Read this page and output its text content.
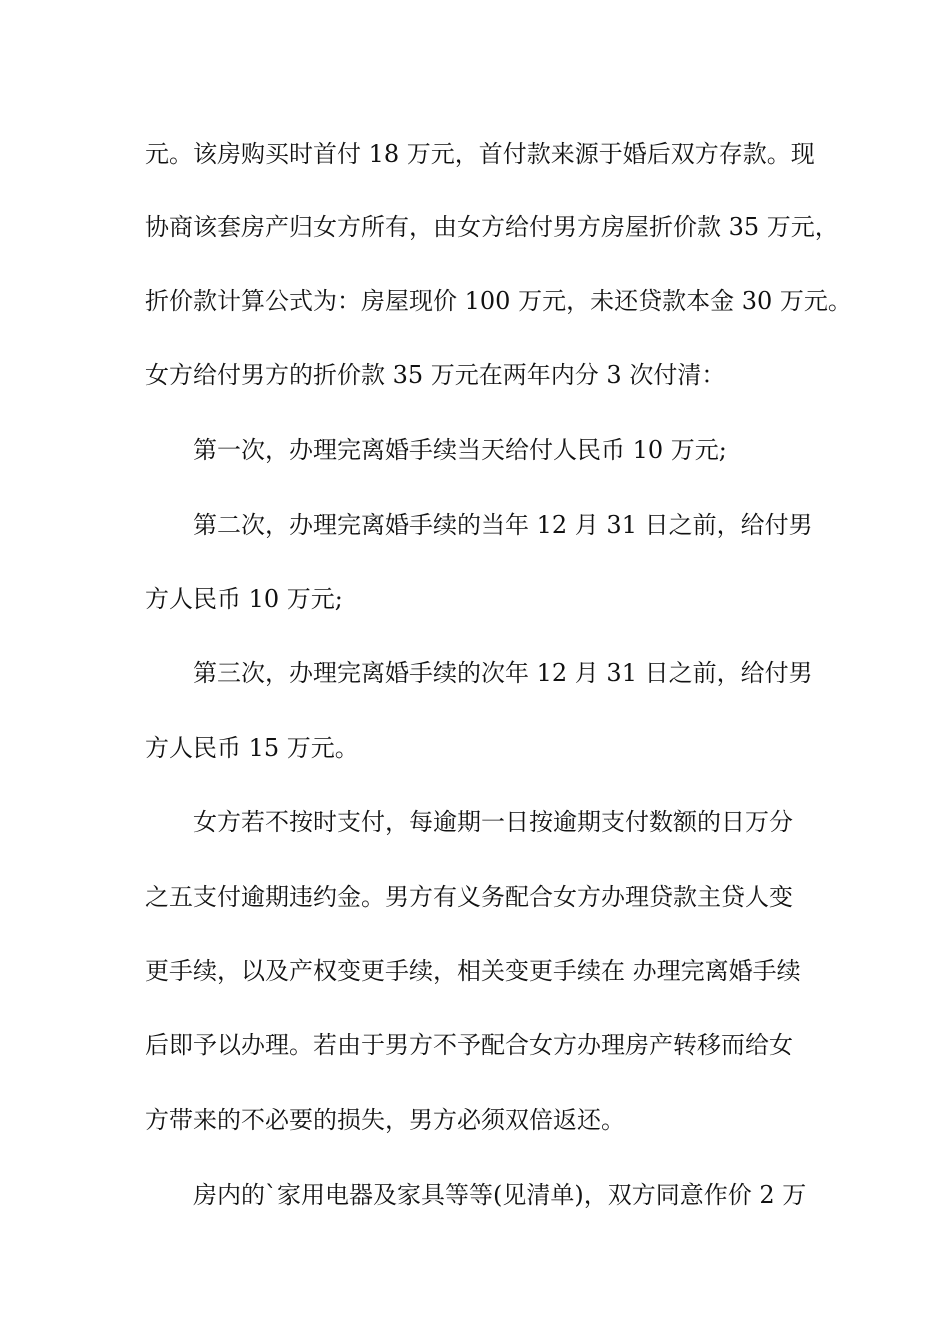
元。该房购买时首付 18 万元，首付款来源于婚后双方存款。现
协商该套房产归女方所有，由女方给付男方房屋折价款 35 万元，
折价款计算公式为：房屋现价 100 万元，未还贷款本金 30 万元。
女方给付男方的折价款 35 万元在两年内分 3 次付清：
第一次，办理完离婚手续当天给付人民币 10 万元;
第二次，办理完离婚手续的当年 12 月 31 日之前，给付男
方人民币 10 万元;
第三次，办理完离婚手续的次年 12 月 31 日之前，给付男
方人民币 15 万元。
女方若不按时支付，每逾期一日按逾期支付数额的日万分
之五支付逾期违约金。男方有义务配合女方办理贷款主贷人变
更手续，以及产权变更手续，相关变更手续在 办理完离婚手续
后即予以办理。若由于男方不予配合女方办理房产转移而给女
方带来的不必要的损失，男方必须双倍返还。
房内的`家用电器及家具等等(见清单)，双方同意作价 2 万
